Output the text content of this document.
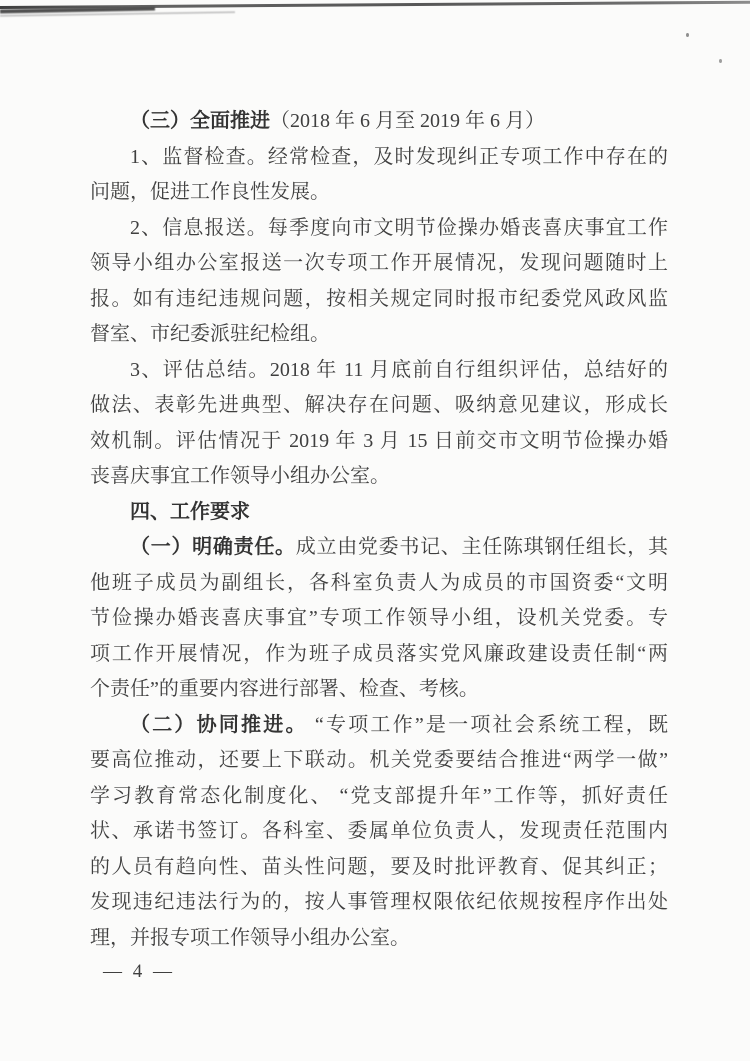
（三）全面推进（2018 年 6 月至 2019 年 6 月）
1、监督检查。经常检查，及时发现纠正专项工作中存在的
问题，促进工作良性发展。
2、信息报送。每季度向市文明节俭操办婚丧喜庆事宜工作
领导小组办公室报送一次专项工作开展情况，发现问题随时上
报。如有违纪违规问题，按相关规定同时报市纪委党风政风监
督室、市纪委派驻纪检组。
3、评估总结。2018 年 11 月底前自行组织评估，总结好的
做法、表彰先进典型、解决存在问题、吸纳意见建议，形成长
效机制。评估情况于 2019 年 3 月 15 日前交市文明节俭操办婚
丧喜庆事宜工作领导小组办公室。
四、工作要求
（一）明确责任。成立由党委书记、主任陈琪钢任组长，其
他班子成员为副组长，各科室负责人为成员的市国资委“文明
节俭操办婚丧喜庆事宜”专项工作领导小组，设机关党委。专
项工作开展情况，作为班子成员落实党风廉政建设责任制“两
个责任”的重要内容进行部署、检查、考核。
（二）协同推进。 “专项工作”是一项社会系统工程，既
要高位推动，还要上下联动。机关党委要结合推进“两学一做”
学习教育常态化制度化、 “党支部提升年”工作等，抓好责任
状、承诺书签订。各科室、委属单位负责人，发现责任范围内
的人员有趋向性、苗头性问题，要及时批评教育、促其纠正；
发现违纪违法行为的，按人事管理权限依纪依规按程序作出处
理，并报专项工作领导小组办公室。
— 4 —
